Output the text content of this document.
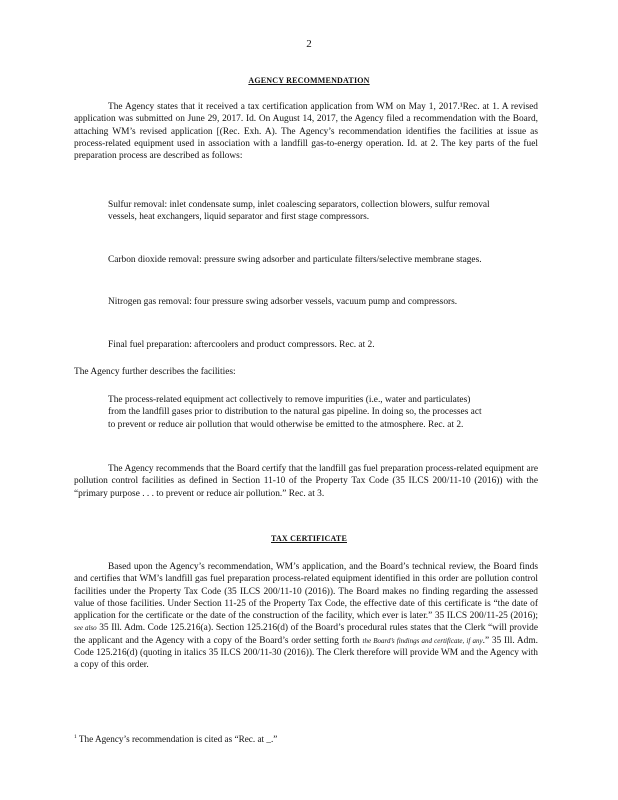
2
AGENCY RECOMMENDATION
The Agency states that it received a tax certification application from WM on May 1, 2017.¹Rec. at 1. A revised application was submitted on June 29, 2017. Id. On August 14, 2017, the Agency filed a recommendation with the Board, attaching WM’s revised application [(Rec. Exh. A). The Agency’s recommendation identifies the facilities at issue as process-related equipment used in association with a landfill gas-to-energy operation. Id. at 2. The key parts of the fuel preparation process are described as follows:
Sulfur removal: inlet condensate sump, inlet coalescing separators, collection blowers, sulfur removal vessels, heat exchangers, liquid separator and first stage compressors.
Carbon dioxide removal: pressure swing adsorber and particulate filters/selective membrane stages.
Nitrogen gas removal: four pressure swing adsorber vessels, vacuum pump and compressors.
Final fuel preparation: aftercoolers and product compressors. Rec. at 2.
The Agency further describes the facilities:
The process-related equipment act collectively to remove impurities (i.e., water and particulates) from the landfill gases prior to distribution to the natural gas pipeline. In doing so, the processes act to prevent or reduce air pollution that would otherwise be emitted to the atmosphere. Rec. at 2.
The Agency recommends that the Board certify that the landfill gas fuel preparation process-related equipment are pollution control facilities as defined in Section 11-10 of the Property Tax Code (35 ILCS 200/11-10 (2016)) with the “primary purpose . . . to prevent or reduce air pollution.” Rec. at 3.
TAX CERTIFICATE
Based upon the Agency’s recommendation, WM’s application, and the Board’s technical review, the Board finds and certifies that WM’s landfill gas fuel preparation process-related equipment identified in this order are pollution control facilities under the Property Tax Code (35 ILCS 200/11-10 (2016)). The Board makes no finding regarding the assessed value of those facilities. Under Section 11-25 of the Property Tax Code, the effective date of this certificate is “the date of application for the certificate or the date of the construction of the facility, which ever is later.” 35 ILCS 200/11-25 (2016); see also 35 Ill. Adm. Code 125.216(a). Section 125.216(d) of the Board’s procedural rules states that the Clerk “will provide the applicant and the Agency with a copy of the Board’s order setting forth the Board’s findings and certificate, if any.” 35 Ill. Adm. Code 125.216(d) (quoting in italics 35 ILCS 200/11-30 (2016)). The Clerk therefore will provide WM and the Agency with a copy of this order.
$^1$ The Agency’s recommendation is cited as “Rec. at _.”
